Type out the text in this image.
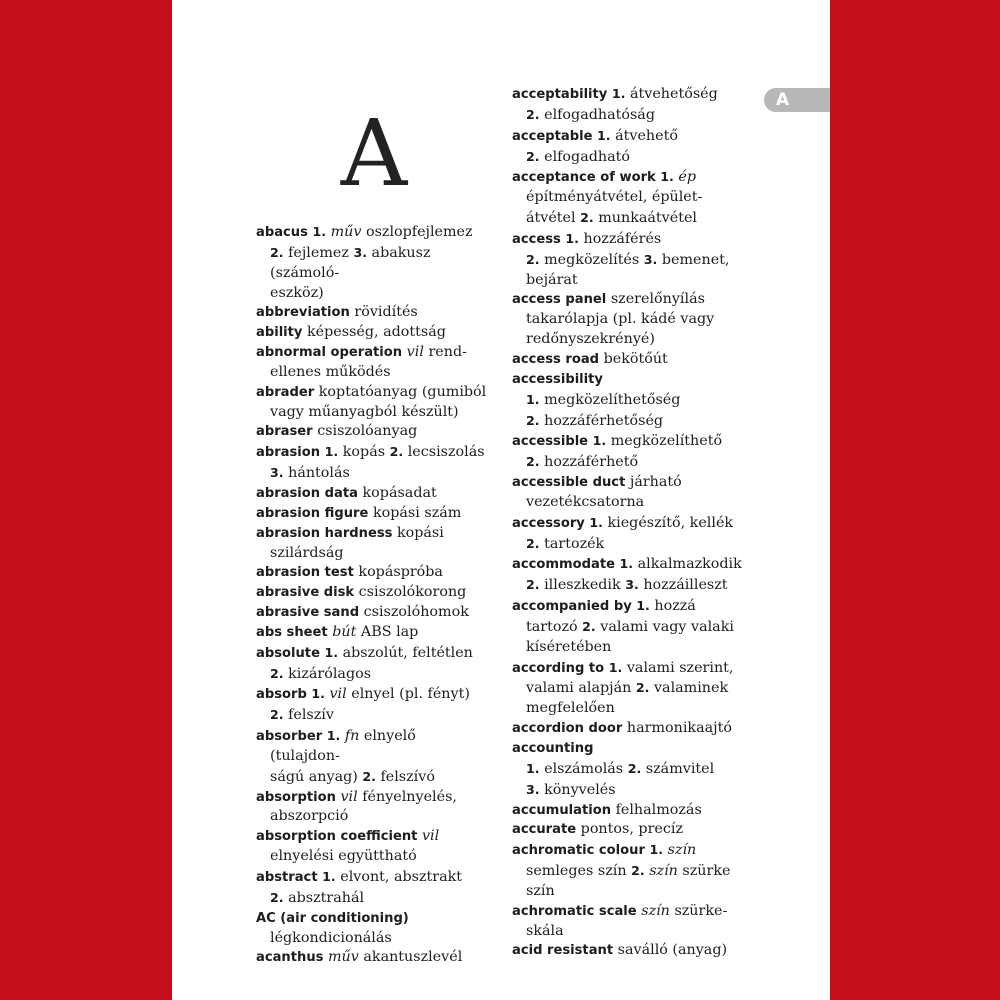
A	A
abacus 1. műv oszlopfejlemez
2. fejlemez 3. abakusz (számoló-
eszköz)
abbreviation rövidítés
ability képesség, adottság
abnormal operation vil rend-
ellenes működés
abrader koptatóanyag (gumiból
vagy műanyagból készült)
abraser csiszolóanyag
abrasion 1. kopás 2. lecsiszolás
3. hántolás
abrasion data kopásadat
abrasion figure kopási szám
abrasion hardness kopási
szilárdság
abrasion test kopáspróba
abrasive disk csiszolókorong
abrasive sand csiszolóhomok
abs sheet bút ABS lap
absolute 1. abszolút, feltétlen
2. kizárólagos
absorb 1. vil elnyel (pl. fényt)
2. felszív
absorber 1. fn elnyelő (tulajdon-
ságú anyag) 2. felszívó
absorption vil fényelnyelés,
abszorpció
absorption coefficient vil
elnyelési együttható
abstract 1. elvont, absztrakt
2. absztrahál
AC (air conditioning)
légkondicionálás
acanthus műv akantuszlevél
acceptability 1. átvehetőség
2. elfogadhatóság
acceptable 1. átvehető
2. elfogadható
acceptance of work 1. ép
építményátvétel, épület-
átvétel 2. munkaátvétel
access 1. hozzáférés
2. megközelítés 3. bemenet,
bejárat
access panel szerelőnyílás
takarólapja (pl. kádé vagy
redőnyszekrényé)
access road bekötőút
accessibility
1. megközelíthetőség
2. hozzáférhetőség
accessible 1. megközelíthető
2. hozzáférhető
accessible duct járható
vezetékcsatorna
accessory 1. kiegészítő, kellék
2. tartozék
accommodate 1. alkalmazkodik
2. illeszkedik 3. hozzáilleszt
accompanied by 1. hozzá
tartozó 2. valami vagy valaki
kíséretében
according to 1. valami szerint,
valami alapján 2. valaminek
megfelelően
accordion door harmonikaajtó
accounting
1. elszámolás 2. számvitel
3. könyvelés
accumulation felhalmozás
accurate pontos, precíz
achromatic colour 1. szín
semleges szín 2. szín szürke szín
achromatic scale szín szürke-
skála
acid resistant saválló (anyag)
